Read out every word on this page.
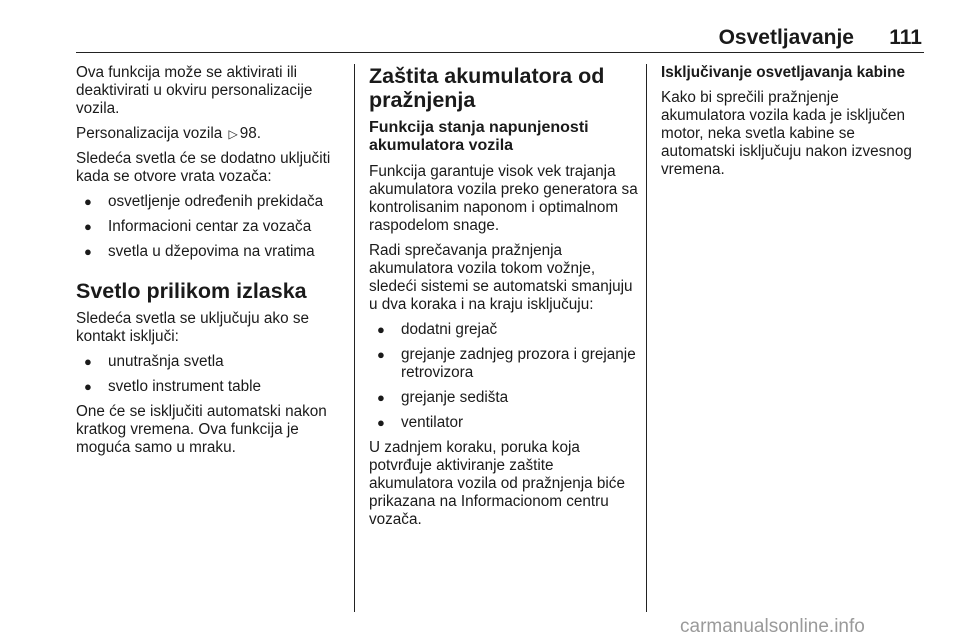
Osvetljavanje 111

Ova funkcija može se aktivirati ili deaktivirati u okviru personalizacije vozila.

Personalizacija vozila ▷ 98.

Sledeća svetla će se dodatno uključiti kada se otvore vrata vozača:

● osvetljenje određenih prekidača
● Informacioni centar za vozača
● svetla u džepovima na vratima
Svetlo prilikom izlaska

Sledeća svetla se uključuju ako se kontakt isključi:

● unutrašnja svetla
● svetlo instrument table

One će se isključiti automatski nakon kratkog vremena. Ova funkcija je moguća samo u mraku.

Zaštita akumulatora od pražnjenja
Funkcija stanja napunjenosti akumulatora vozila

Funkcija garantuje visok vek trajanja akumulatora vozila preko generatora sa kontrolisanim naponom i optimalnom raspodelom snage.

Radi sprečavanja pražnjenja akumulatora vozila tokom vožnje, sledeći sistemi se automatski smanjuju u dva koraka i na kraju isključuju:

● dodatni grejač
● grejanje zadnjeg prozora i grejanje retrovizora
● grejanje sedišta
● ventilator

U zadnjem koraku, poruka koja potvrđuje aktiviranje zaštite akumulatora vozila od pražnjenja biće prikazana na Informacionom centru vozača.

Isključivanje osvetljavanja kabine

Kako bi sprečili pražnjenje akumulatora vozila kada je isključen motor, neka svetla kabine se automatski isključuju nakon izvesnog vremena.

carmanualsonline.info
